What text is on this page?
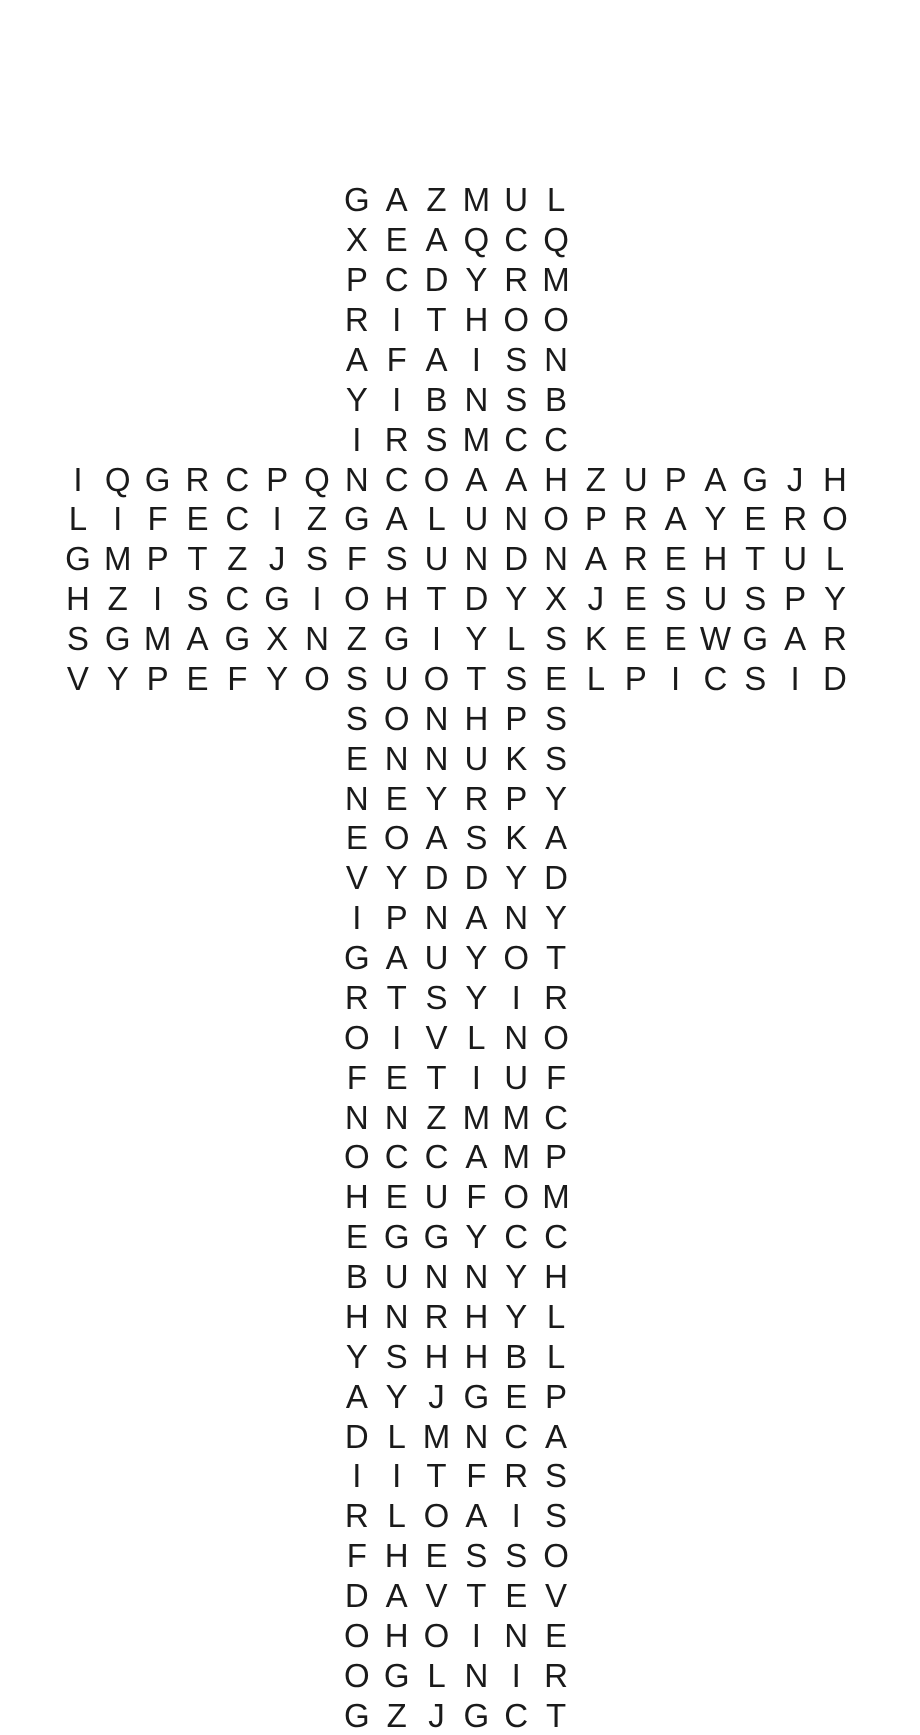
G A Z M U L
X E A Q C Q
P C D Y R M
R I T H O O
A F A I S N
Y I B N S B
I R S M C C
I Q G R C P Q N C O A A H Z U P A G J H
L I F E C I Z G A L U N O P R A Y E R O
G M P T Z J S F S U N D N A R E H T U L
H Z I S C G I O H T D Y X J E S U S P Y
S G M A G X N Z G I Y L S K E E W G A R
V Y P E F Y O S U O T S E L P I C S I D
S O N H P S
E N N U K S
N E Y R P Y
E O A S K A
V Y D D Y D
I P N A N Y
G A U Y O T
R T S Y I R
O I V L N O
F E T I U F
N N Z M M C
O C C A M P
H E U F O M
E G G Y C C
B U N N Y H
H N R H Y L
Y S H H B L
A Y J G E P
D L M N C A
I I T F R S
R L O A I S
F H E S S O
D A V T E V
O H O I N E
O G L N I R
G Z J G C T
